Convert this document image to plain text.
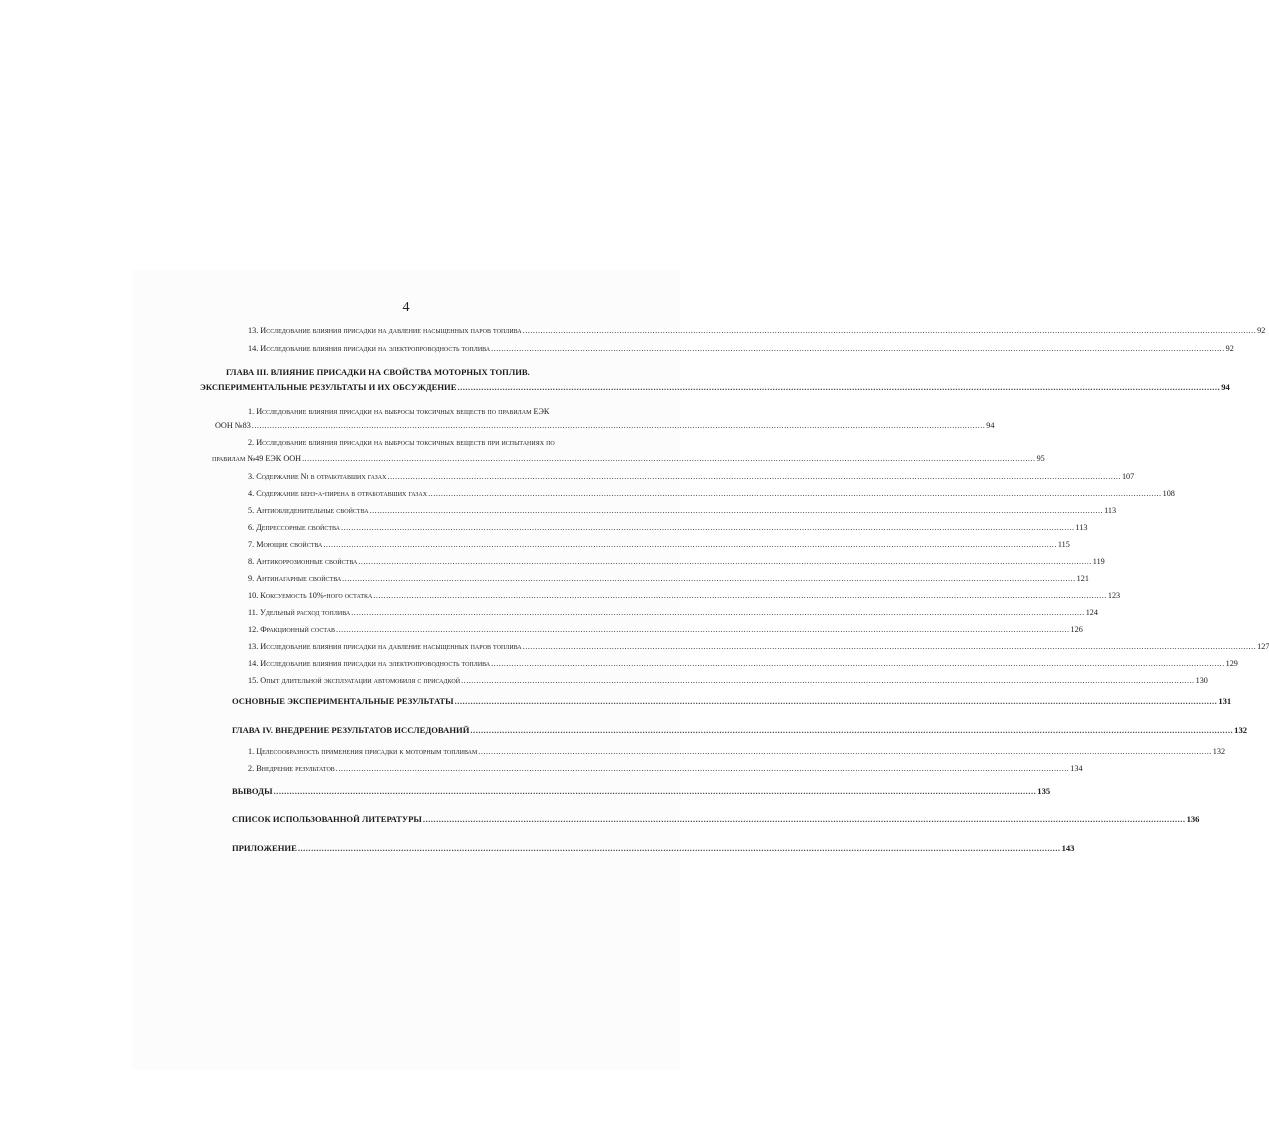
4
13. Исследование влияния присадки на давление насыщенных паров топлива .....	92
14. Исследование влияния присадки на электропроводность топлива .....	92
ГЛАВА III. ВЛИЯНИЕ ПРИСАДКИ НА СВОЙСТВА МОТОРНЫХ ТОПЛИВ.
ЭКСПЕРИМЕНТАЛЬНЫЕ РЕЗУЛЬТАТЫ И ИХ ОБСУЖДЕНИЕ .....	94
1. Исследование влияния присадки на выбросы токсичных веществ по правилам ЕЭК
ООН №83 .....	94
2. Исследование влияния присадки на выбросы токсичных веществ при испытаниях по
правилам №49 ЕЭК ООН .....	95
3. Содержание Ni в отработавших газах .....	107
4. Содержание бенз-α-пирена в отработавших газах .....	108
5. Антиобледенительные свойства .....	113
6. Депрессорные свойства .....	113
7. Моющие свойства .....	115
8. Антикоррозионные свойства .....	119
9. Антинагарные свойства .....	121
10. Коксуемость 10%-ного остатка .....	123
11. Удельный расход топлива .....	124
12. Фракционный состав .....	126
13. Исследование влияния присадки на давление насыщенных паров топлива .....	127
14. Исследование влияния присадки на электропроводность топлива .....	129
15. Опыт длительной эксплуатации автомобиля с присадкой .....	130
ОСНОВНЫЕ ЭКСПЕРИМЕНТАЛЬНЫЕ РЕЗУЛЬТАТЫ .....	131
ГЛАВА IV. ВНЕДРЕНИЕ РЕЗУЛЬТАТОВ ИССЛЕДОВАНИЙ .....	132
1. Целесообразность применения присадки к моторным топливам .....	132
2. Внедрение результатов .....	134
ВЫВОДЫ .....	135
СПИСОК ИСПОЛЬЗОВАННОЙ ЛИТЕРАТУРЫ .....	136
ПРИЛОЖЕНИЕ .....	143
